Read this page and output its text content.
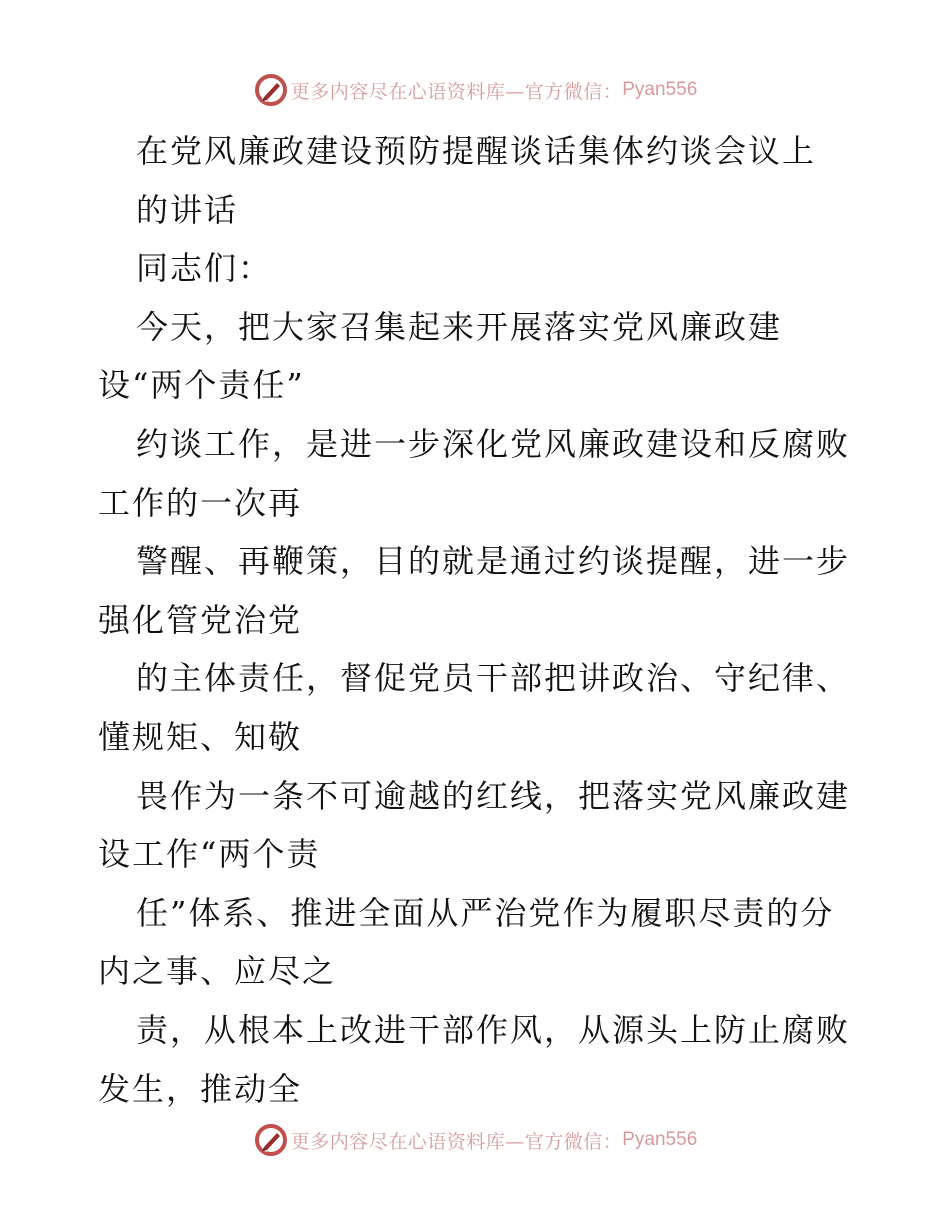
更多内容尽在心语资料库—官方微信： Pyan556
在党风廉政建设预防提醒谈话集体约谈会议上
的讲话
同志们：
今天，把大家召集起来开展落实党风廉政建
设“两个责任”
约谈工作，是进一步深化党风廉政建设和反腐败
工作的一次再
警醒、再鞭策，目的就是通过约谈提醒，进一步
强化管党治党
的主体责任，督促党员干部把讲政治、守纪律、
懂规矩、知敬
畏作为一条不可逾越的红线，把落实党风廉政建
设工作“两个责
任”体系、推进全面从严治党作为履职尽责的分
内之事、应尽之
责，从根本上改进干部作风，从源头上防止腐败
发生，推动全
更多内容尽在心语资料库—官方微信： Pyan556
